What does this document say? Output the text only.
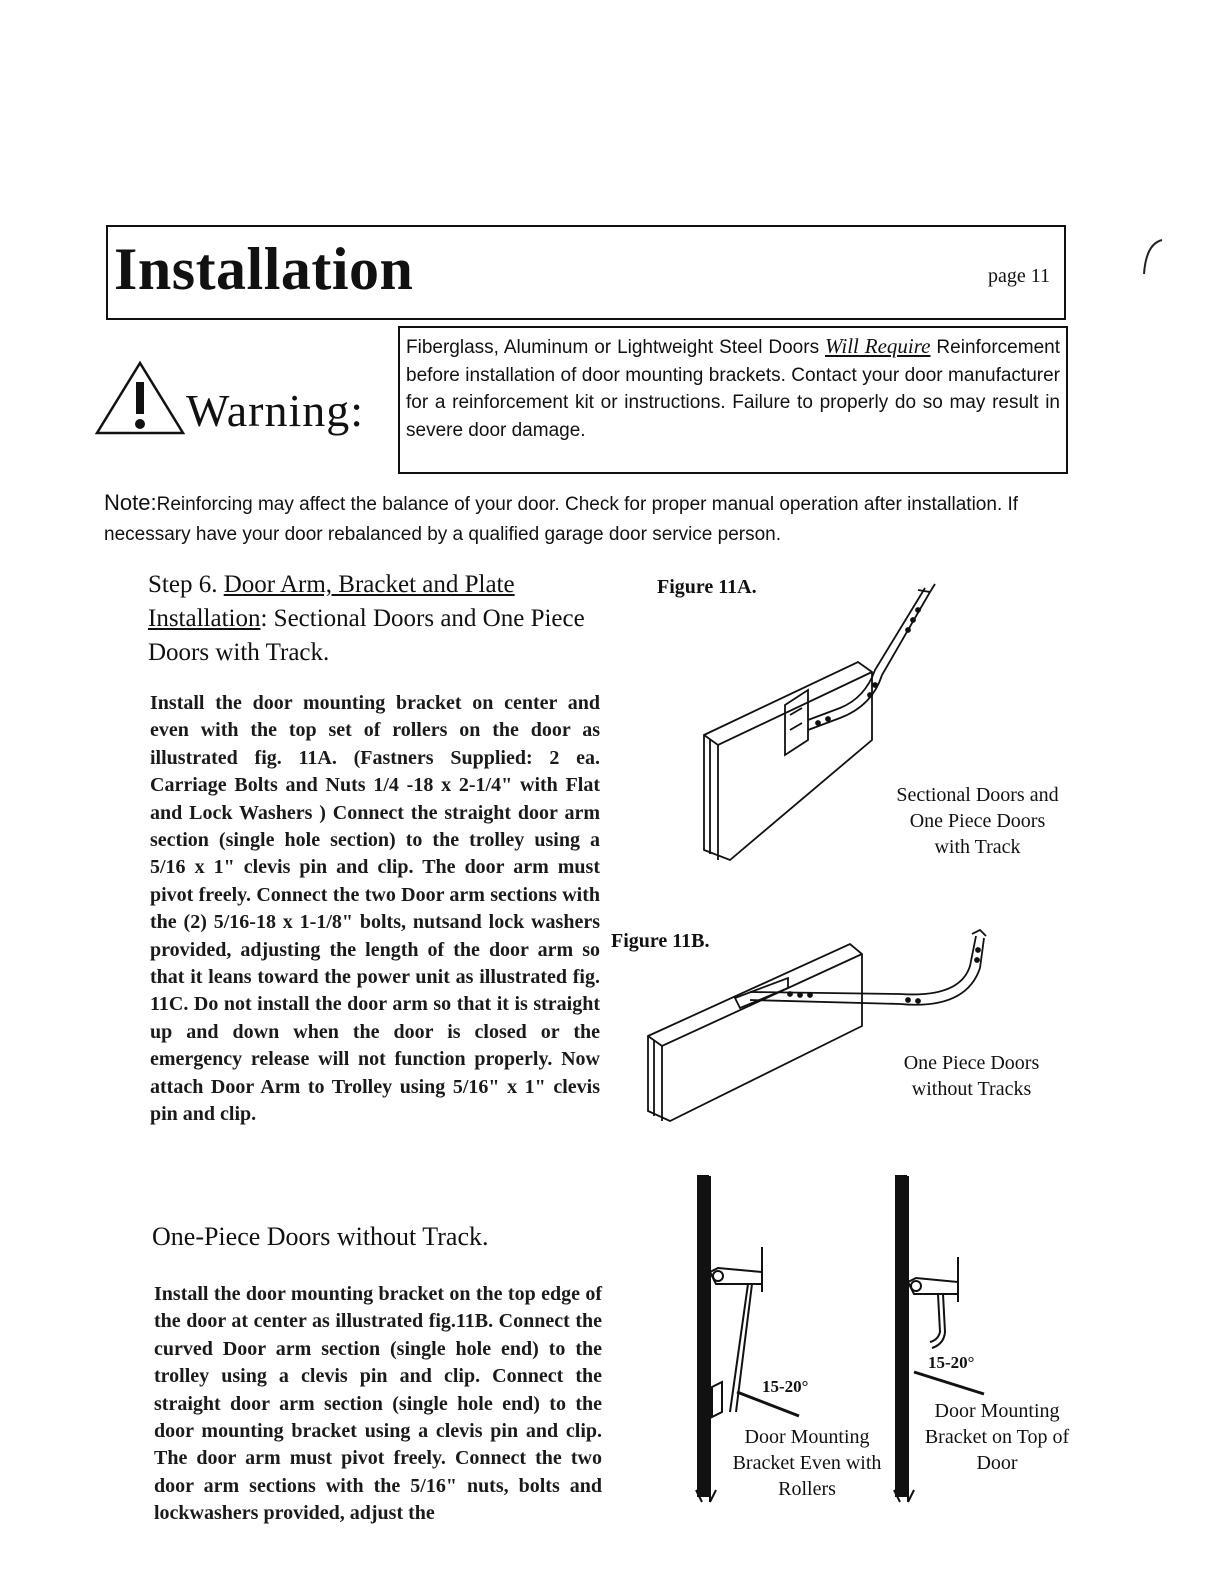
Installation	page 11
Warning:
Fiberglass, Aluminum or Lightweight Steel Doors Will Require Reinforcement before installation of door mounting brackets. Contact your door manufacturer for a reinforcement kit or instructions. Failure to properly do so may result in severe door damage.
Note:Reinforcing may affect the balance of your door. Check for proper manual operation after installation. If necessary have your door rebalanced by a qualified garage door service person.
Step 6. Door Arm, Bracket and Plate Installation: Sectional Doors and One Piece Doors with Track.
Install the door mounting bracket on center and even with the top set of rollers on the door as illustrated fig. 11A. (Fastners Supplied: 2 ea. Carriage Bolts and Nuts 1/4 -18 x 2-1/4" with Flat and Lock Washers ) Connect the straight door arm section (single hole section) to the trolley using a 5/16 x 1" clevis pin and clip. The door arm must pivot freely. Connect the two Door arm sections with the (2) 5/16-18 x 1-1/8" bolts, nutsand lock washers provided, adjusting the length of the door arm so that it leans toward the power unit as illustrated fig. 11C. Do not install the door arm so that it is straight up and down when the door is closed or the emergency release will not function properly. Now attach Door Arm to Trolley using 5/16" x 1" clevis pin and clip.
One-Piece Doors without Track.
Install the door mounting bracket on the top edge of the door at center as illustrated fig.11B. Connect the curved Door arm section (single hole end) to the trolley using a clevis pin and clip. Connect the straight door arm section (single hole end) to the door mounting bracket using a clevis pin and clip. The door arm must pivot freely. Connect the two door arm sections with the 5/16" nuts, bolts and lockwashers provided, adjust the
Figure 11A.
Sectional Doors and One Piece Doors with Track
Figure 11B.
One Piece Doors without Tracks
15-20°
Door Mounting Bracket Even with Rollers
15-20°
Door Mounting Bracket on Top of Door
